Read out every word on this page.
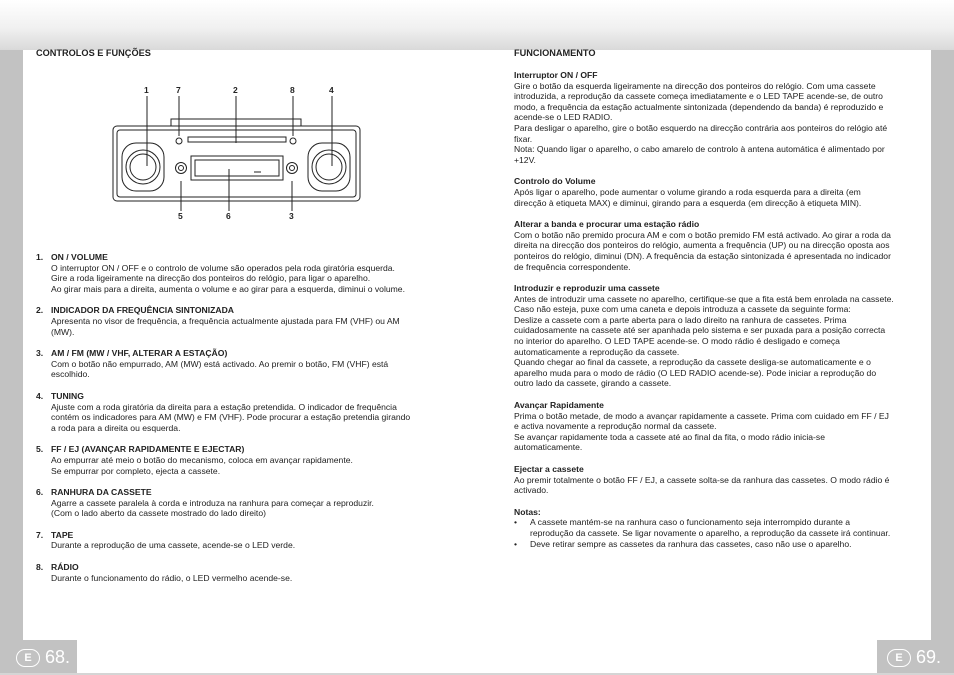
E 68.	E 69.
CONTROLOS E FUNÇÕES
1	7	2	8	4
5	6	3
1. ON / VOLUME
O interruptor ON / OFF e o controlo de volume são operados pela roda giratória esquerda.
Gire a roda ligeiramente na direcção dos ponteiros do relógio, para ligar o aparelho.
Ao girar mais para a direita, aumenta o volume e ao girar para a esquerda, diminui o volume.
2. INDICADOR DA FREQUÊNCIA SINTONIZADA
Apresenta no visor de frequência, a frequência actualmente ajustada para FM (VHF) ou AM
(MW).
3. AM / FM (MW / VHF, ALTERAR A ESTAÇÃO)
Com o botão não empurrado, AM (MW) está activado. Ao premir o botão, FM (VHF) está
escolhido.
4. TUNING
Ajuste com a roda giratória da direita para a estação pretendida. O indicador de frequência
contém os indicadores para AM (MW) e FM (VHF). Pode procurar a estação pretendia girando
a roda para a direita ou esquerda.
5. FF / EJ (AVANÇAR RAPIDAMENTE E EJECTAR)
Ao empurrar até meio o botão do mecanismo, coloca em avançar rapidamente.
Se empurrar por completo, ejecta a cassete.
6. RANHURA DA CASSETE
Agarre a cassete paralela à corda e introduza na ranhura para começar a reproduzir.
(Com o lado aberto da cassete mostrado do lado direito)
7. TAPE
Durante a reprodução de uma cassete, acende-se o LED verde.
8. RÁDIO
Durante o funcionamento do rádio, o LED vermelho acende-se.
FUNCIONAMENTO
Interruptor ON / OFF
Gire o botão da esquerda ligeiramente na direcção dos ponteiros do relógio. Com uma cassete
introduzida, a reprodução da cassete começa imediatamente e o LED TAPE acende-se, de outro
modo, a frequência da estação actualmente sintonizada (dependendo da banda) é reproduzido e
acende-se o LED RADIO.
Para desligar o aparelho, gire o botão esquerdo na direcção contrária aos ponteiros do relógio até
fixar.
Nota: Quando ligar o aparelho, o cabo amarelo de controlo à antena automática é alimentado por
+12V.
Controlo do Volume
Após ligar o aparelho, pode aumentar o volume girando a roda esquerda para a direita (em
direcção à etiqueta MAX) e diminui, girando para a esquerda (em direcção à etiqueta MIN).
Alterar a banda e procurar uma estação rádio
Com o botão não premido procura AM e com o botão premido FM está activado. Ao girar a roda da
direita na direcção dos ponteiros do relógio, aumenta a frequência (UP) ou na direcção oposta aos
ponteiros do relógio, diminui (DN). A frequência da estação sintonizada é apresentada no indicador
de frequência correspondente.
Introduzir e reproduzir uma cassete
Antes de introduzir uma cassete no aparelho, certifique-se que a fita está bem enrolada na cassete.
Caso não esteja, puxe com uma caneta e depois introduza a cassete da seguinte forma:
Deslize a cassete com a parte aberta para o lado direito na ranhura de cassetes. Prima
cuidadosamente na cassete até ser apanhada pelo sistema e ser puxada para a posição correcta
no interior do aparelho. O LED TAPE acende-se. O modo rádio é desligado e começa
automaticamente a reprodução da cassete.
Quando chegar ao final da cassete, a reprodução da cassete desliga-se automaticamente e o
aparelho muda para o modo de rádio (O LED RADIO acende-se). Pode iniciar a reprodução do
outro lado da cassete, girando a cassete.
Avançar Rapidamente
Prima o botão metade, de modo a avançar rapidamente a cassete. Prima com cuidado em FF / EJ
e activa novamente a reprodução normal da cassete.
Se avançar rapidamente toda a cassete até ao final da fita, o modo rádio inicia-se
automaticamente.
Ejectar a cassete
Ao premir totalmente o botão FF / EJ, a cassete solta-se da ranhura das cassetes. O modo rádio é
activado.
Notas:
•	A cassete mantém-se na ranhura caso o funcionamento seja interrompido durante a
reprodução da cassete. Se ligar novamente o aparelho, a reprodução da cassete irá continuar.
•	Deve retirar sempre as cassetes da ranhura das cassetes, caso não use o aparelho.
